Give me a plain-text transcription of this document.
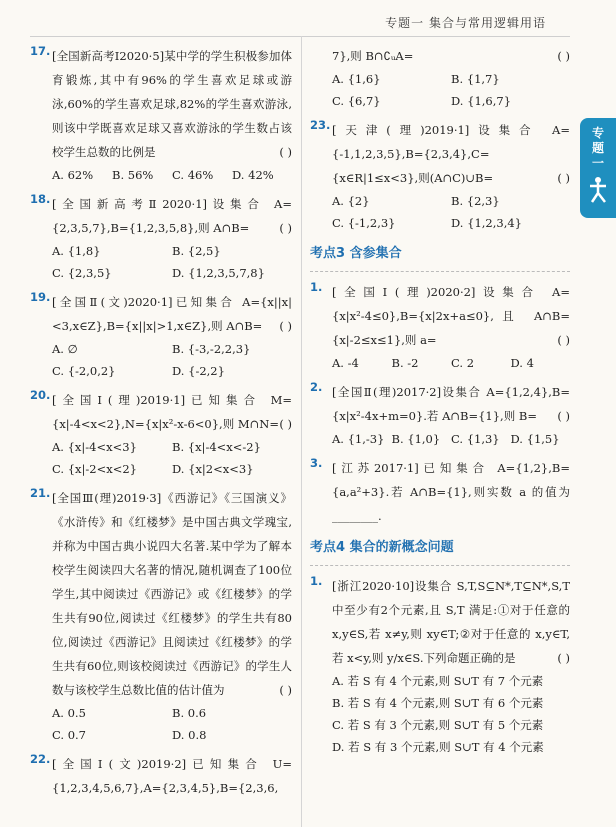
专题一 集合与常用逻辑用语
专题一
17. [全国新高考Ⅰ2020·5]某中学的学生积极参加体育锻炼,其中有96%的学生喜欢足球或游泳,60%的学生喜欢足球,82%的学生喜欢游泳,则该中学既喜欢足球又喜欢游泳的学生数占该校学生总数的比例是	( )
A. 62%	B. 56%	C. 46%	D. 42%
18. [全国新高考Ⅱ2020·1]设集合 A={2,3,5,7},B={1,2,3,5,8},则 A∩B=	( )
A. {1,8}	B. {2,5}
C. {2,3,5}	D. {1,2,3,5,7,8}
19. [全国Ⅱ(文)2020·1]已知集合 A={x||x|<3,x∈Z},B={x||x|>1,x∈Z},则 A∩B= ( )
A. ∅	B. {-3,-2,2,3}
C. {-2,0,2}	D. {-2,2}
20. [全国Ⅰ(理)2019·1]已知集合 M={x|-4<x<2},N={x|x²-x-6<0},则 M∩N= ( )
A. {x|-4<x<3}	B. {x|-4<x<-2}
C. {x|-2<x<2}	D. {x|2<x<3}
21. [全国Ⅲ(理)2019·3]《西游记》《三国演义》《水浒传》和《红楼梦》是中国古典文学瑰宝,并称为中国古典小说四大名著.某中学为了解本校学生阅读四大名著的情况,随机调查了100位学生,其中阅读过《西游记》或《红楼梦》的学生共有90位,阅读过《红楼梦》的学生共有80位,阅读过《西游记》且阅读过《红楼梦》的学生共有60位,则该校阅读过《西游记》的学生人数与该校学生总数比值的估计值为	( )
A. 0.5	B. 0.6
C. 0.7	D. 0.8
22. [全国Ⅰ(文)2019·2]已知集合 U={1,2,3,4,5,6,7},A={2,3,4,5},B={2,3,6,
7},则 B∩∁ᵤA=	( )
A. {1,6}	B. {1,7}
C. {6,7}	D. {1,6,7}
23. [天津(理)2019·1]设集合 A={-1,1,2,3,5},B={2,3,4},C={x∈R|1≤x<3},则(A∩C)∪B=	( )
A. {2}	B. {2,3}
C. {-1,2,3}	D. {1,2,3,4}
考点3 含参集合
1. [全国Ⅰ(理)2020·2]设集合 A={x|x²-4≤0},B={x|2x+a≤0},且 A∩B={x|-2≤x≤1},则 a=	( )
A. -4	B. -2	C. 2	D. 4
2. [全国Ⅱ(理)2017·2]设集合 A={1,2,4},B={x|x²-4x+m=0}.若 A∩B={1},则 B= ( )
A. {1,-3} B. {1,0} C. {1,3} D. {1,5}
3. [江苏2017·1]已知集合 A={1,2},B={a,a²+3}.若 A∩B={1},则实数 a 的值为________.
考点4 集合的新概念问题
1. [浙江2020·10]设集合 S,T,S⊆N*,T⊆N*,S,T 中至少有2个元素,且 S,T 满足:①对于任意的 x,y∈S,若 x≠y,则 xy∈T;②对于任意的 x,y∈T,若 x<y,则 y/x∈S.下列命题正确的是	( )
A. 若 S 有 4 个元素,则 S∪T 有 7 个元素
B. 若 S 有 4 个元素,则 S∪T 有 6 个元素
C. 若 S 有 3 个元素,则 S∪T 有 5 个元素
D. 若 S 有 3 个元素,则 S∪T 有 4 个元素
